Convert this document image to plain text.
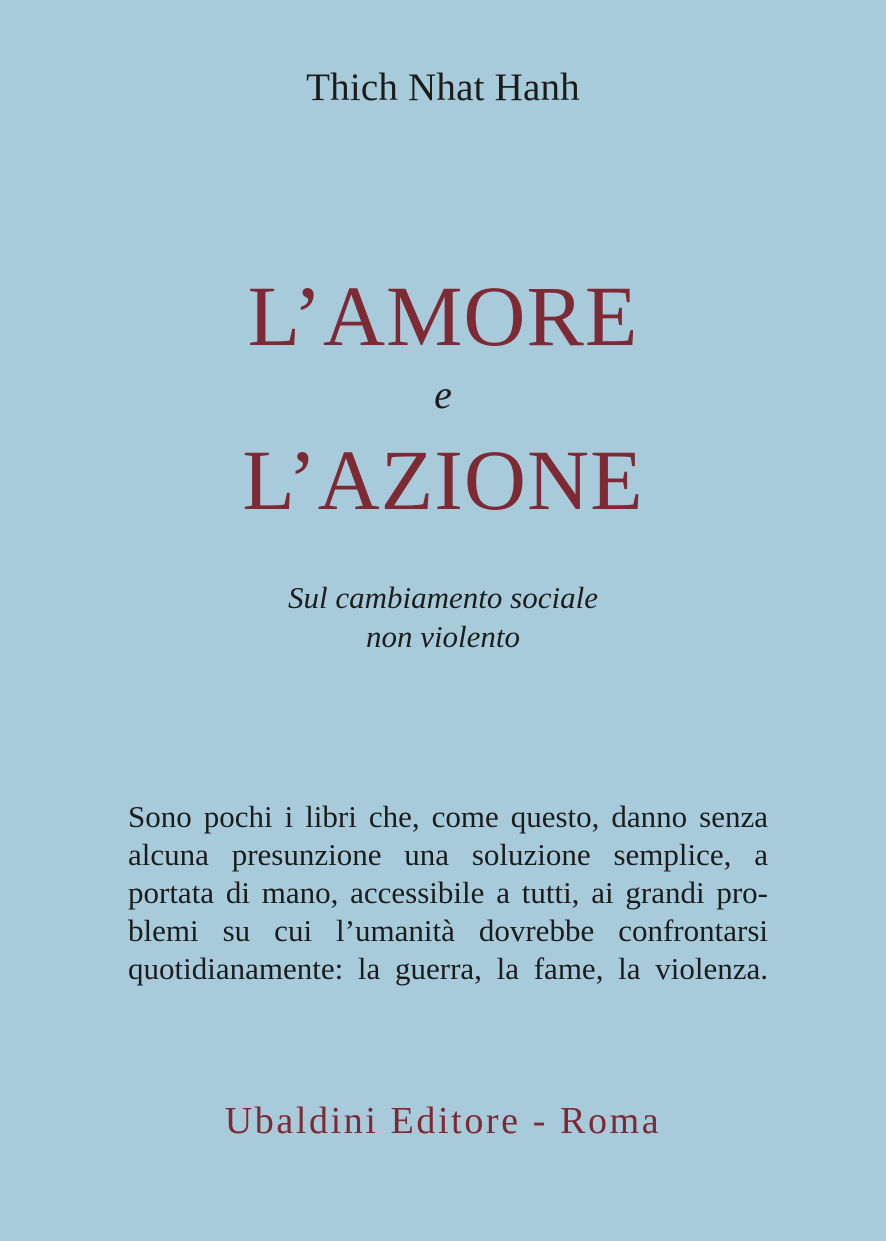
Thich Nhat Hanh
L’AMORE
e
L’AZIONE
Sul cambiamento sociale
non violento
Sono pochi i libri che, come questo, danno senza
alcuna presunzione una soluzione semplice, a
portata di mano, accessibile a tutti, ai grandi pro-
blemi su cui l’umanità dovrebbe confrontarsi
quotidianamente: la guerra, la fame, la violenza.
Ubaldini Editore - Roma
